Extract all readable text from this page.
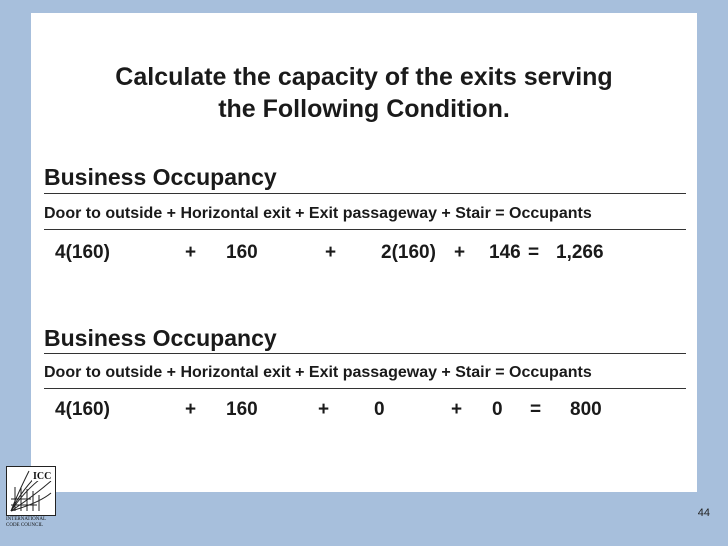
Calculate the capacity of the exits serving
the Following Condition.
Business Occupancy
Door to outside + Horizontal exit + Exit passageway + Stair = Occupants
4(160)	+ 160	+ 2(160) + 146 = 1,266
Business Occupancy
Door to outside + Horizontal exit + Exit passageway + Stair = Occupants
4(160)	+ 160	+ 0	+ 0 = 800
ICC
INTERNATIONAL
CODE COUNCIL
44
